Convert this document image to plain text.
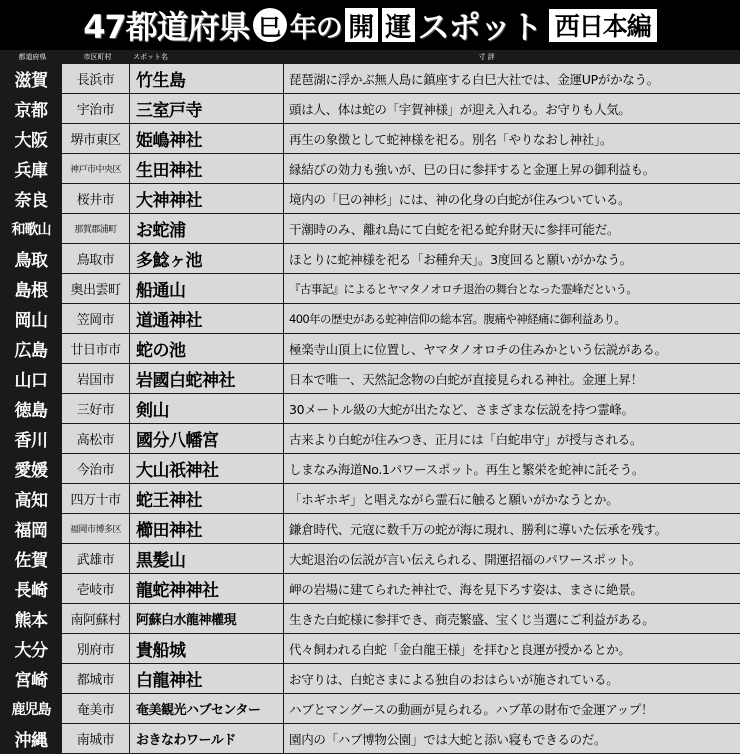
47都道府県 巳 年の 開 運 スポット 西日本編
都道府県	市区町村	スポット名	寸 評
滋賀	長浜市	竹生島	琵琶湖に浮かぶ無人島に鎮座する白巳大社では、金運UPがかなう。
京都	宇治市	三室戸寺	頭は人、体は蛇の「宇賀神様」が迎え入れる。お守りも人気。
大阪	堺市東区 姫嶋神社	再生の象徴として蛇神様を祀る。別名「やりなおし神社」。
兵庫	神戸市中央区 生田神社	縁結びの効力も強いが、巳の日に参拝すると金運上昇の御利益も。
奈良	桜井市	大神神社	境内の「巳の神杉」には、神の化身の白蛇が住みついている。
和歌山	那賀郡浦町	お蛇浦	干潮時のみ、離れ島にて白蛇を祀る蛇弁財天に参拝可能だ。
鳥取	鳥取市	多鯰ヶ池	ほとりに蛇神様を祀る「お種弁天」。3度回ると願いがかなう。
島根	奥出雲町 船通山	『古事記』によるとヤマタノオロチ退治の舞台となった霊峰だという。
岡山	笠岡市	道通神社	400年の歴史がある蛇神信仰の総本宮。腹痛や神経痛に御利益あり。
広島	廿日市市 蛇の池	極楽寺山頂上に位置し、ヤマタノオロチの住みかという伝説がある。
山口	岩国市	岩國白蛇神社	日本で唯一、天然記念物の白蛇が直接見られる神社。金運上昇！
徳島	三好市	剣山	30メートル級の大蛇が出たなど、さまざまな伝説を持つ霊峰。
香川	高松市	國分八幡宮	古来より白蛇が住みつき、正月には「白蛇串守」が授与される。
愛媛	今治市	大山祇神社	しまなみ海道No.1パワースポット。再生と繁栄を蛇神に託そう。
高知	四万十市 蛇王神社	「ホギホギ」と唱えながら霊石に触ると願いがかなうとか。
福岡	福岡市博多区 櫛田神社	鎌倉時代、元寇に数千万の蛇が海に現れ、勝利に導いた伝承を残す。
佐賀	武雄市	黒髪山	大蛇退治の伝説が言い伝えられる、開運招福のパワースポット。
長崎	壱岐市	龍蛇神神社	岬の岩場に建てられた神社で、海を見下ろす姿は、まさに絶景。
熊本	南阿蘇村	阿蘇白水龍神權現	生きた白蛇様に参拝でき、商売繁盛、宝くじ当選にご利益がある。
大分	別府市	貴船城	代々飼われる白蛇「金白龍王様」を拝むと良運が授かるとか。
宮崎	都城市	白龍神社	お守りは、白蛇さまによる独自のおはらいが施されている。
鹿児島	奄美市	奄美観光ハブセンター	ハブとマングースの動画が見られる。ハブ革の財布で金運アップ！
沖縄	南城市	おきなわワールド	園内の「ハブ博物公園」では大蛇と添い寝もできるのだ。
